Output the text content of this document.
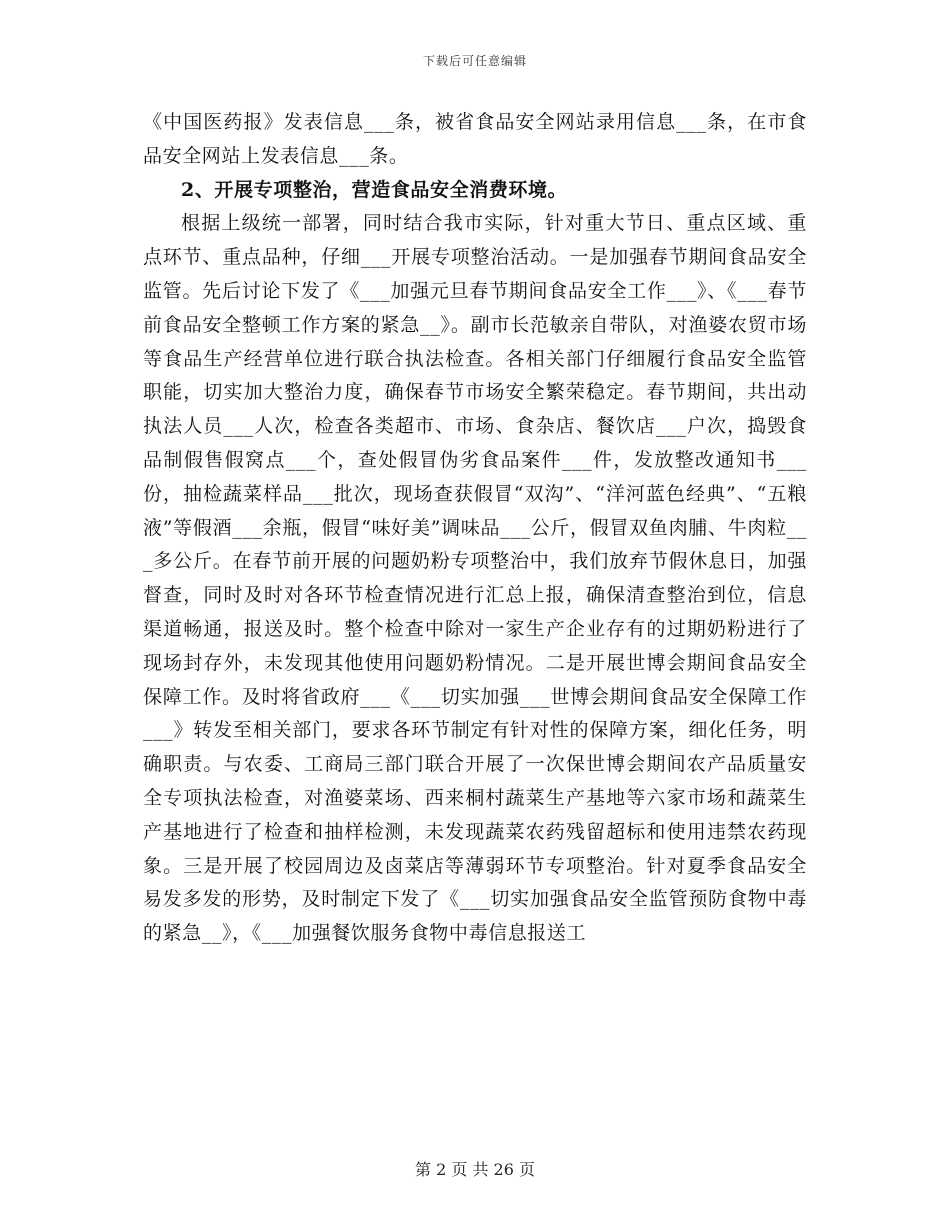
下载后可任意编辑

《中国医药报》发表信息___条，被省食品安全网站录用信息___条，在市食品安全网站上发表信息___条。

2、开展专项整治，营造食品安全消费环境。

根据上级统一部署，同时结合我市实际，针对重大节日、重点区域、重点环节、重点品种，仔细___开展专项整治活动。一是加强春节期间食品安全监管。先后讨论下发了《___加强元旦春节期间食品安全工作___》、《___春节前食品安全整顿工作方案的紧急__》。副市长范敏亲自带队，对渔婆农贸市场等食品生产经营单位进行联合执法检查。各相关部门仔细履行食品安全监管职能，切实加大整治力度，确保春节市场安全繁荣稳定。春节期间，共出动执法人员___人次，检查各类超市、市场、食杂店、餐饮店___户次，捣毁食品制假售假窝点___个，查处假冒伪劣食品案件___件，发放整改通知书___份，抽检蔬菜样品___批次，现场查获假冒“双沟”、“洋河蓝色经典”、“五粮液”等假酒___余瓶，假冒“味好美”调味品___公斤，假冒双鱼肉脯、牛肉粒___多公斤。在春节前开展的问题奶粉专项整治中，我们放弃节假休息日，加强督查，同时及时对各环节检查情况进行汇总上报，确保清查整治到位，信息渠道畅通，报送及时。整个检查中除对一家生产企业存有的过期奶粉进行了现场封存外，未发现其他使用问题奶粉情况。二是开展世博会期间食品安全保障工作。及时将省政府___《___切实加强___世博会期间食品安全保障工作___》转发至相关部门，要求各环节制定有针对性的保障方案，细化任务，明确职责。与农委、工商局三部门联合开展了一次保世博会期间农产品质量安全专项执法检查，对渔婆菜场、西来桐村蔬菜生产基地等六家市场和蔬菜生产基地进行了检查和抽样检测，未发现蔬菜农药残留超标和使用违禁农药现象。三是开展了校园周边及卤菜店等薄弱环节专项整治。针对夏季食品安全易发多发的形势，及时制定下发了《___切实加强食品安全监管预防食物中毒的紧急__》，《___加强餐饮服务食物中毒信息报送工

第 2 页 共 26 页
